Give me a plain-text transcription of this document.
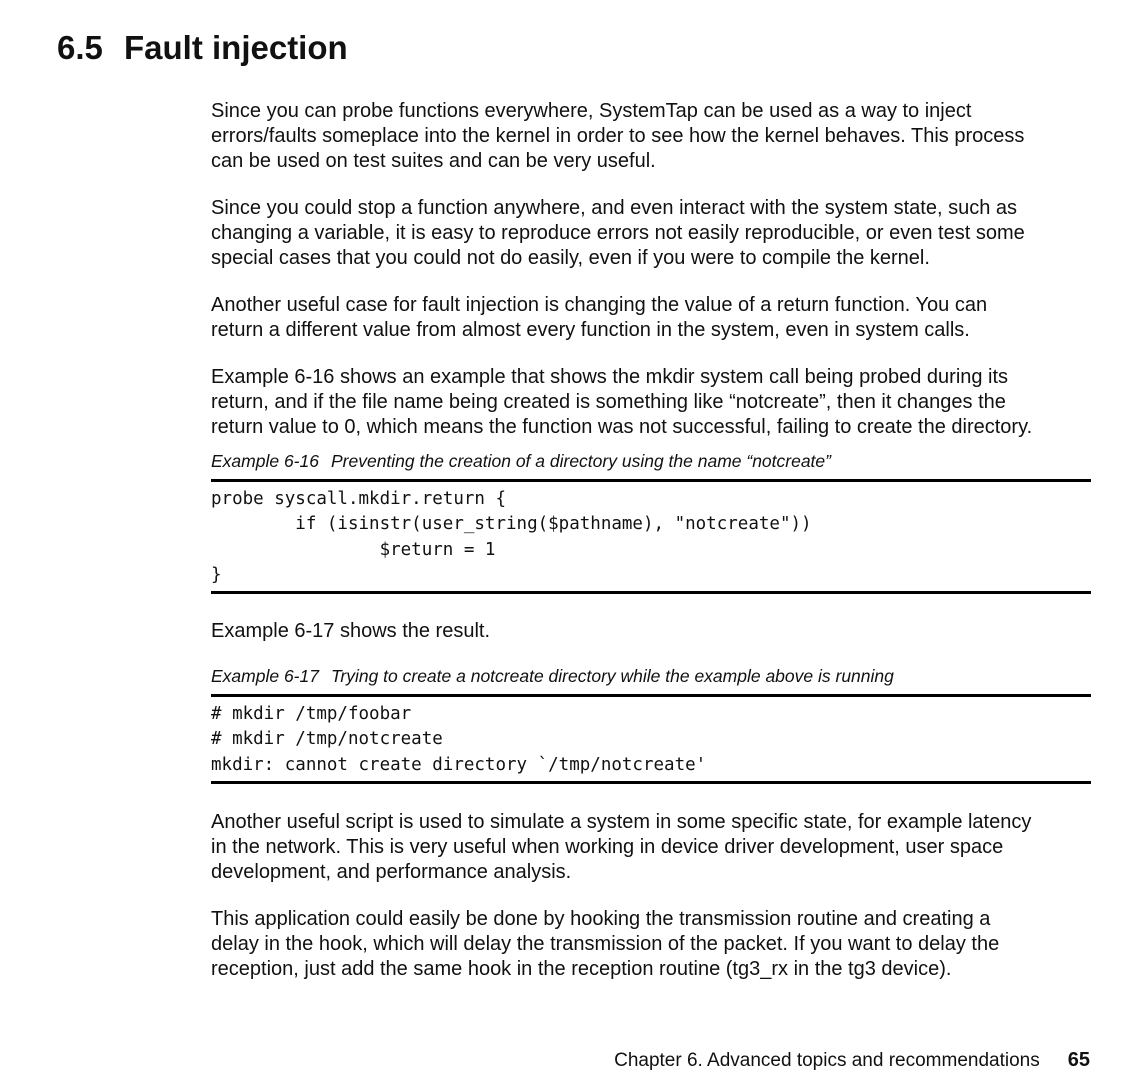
6.5 Fault injection

Since you can probe functions everywhere, SystemTap can be used as a way to inject
errors/faults someplace into the kernel in order to see how the kernel behaves. This process
can be used on test suites and can be very useful.

Since you could stop a function anywhere, and even interact with the system state, such as
changing a variable, it is easy to reproduce errors not easily reproducible, or even test some
special cases that you could not do easily, even if you were to compile the kernel.

Another useful case for fault injection is changing the value of a return function. You can
return a different value from almost every function in the system, even in system calls.

Example 6-16 shows an example that shows the mkdir system call being probed during its
return, and if the file name being created is something like “notcreate”, then it changes the
return value to 0, which means the function was not successful, failing to create the directory.

Example 6-16 Preventing the creation of a directory using the name “notcreate”

probe syscall.mkdir.return {
if (isinstr(user_string($pathname), "notcreate"))
$return = 1
}

Example 6-17 shows the result.

Example 6-17 Trying to create a notcreate directory while the example above is running

# mkdir /tmp/foobar
# mkdir /tmp/notcreate
mkdir: cannot create directory `/tmp/notcreate'

Another useful script is used to simulate a system in some specific state, for example latency
in the network. This is very useful when working in device driver development, user space
development, and performance analysis.

This application could easily be done by hooking the transmission routine and creating a
delay in the hook, which will delay the transmission of the packet. If you want to delay the
reception, just add the same hook in the reception routine (tg3_rx in the tg3 device).

Chapter 6. Advanced topics and recommendations 65
